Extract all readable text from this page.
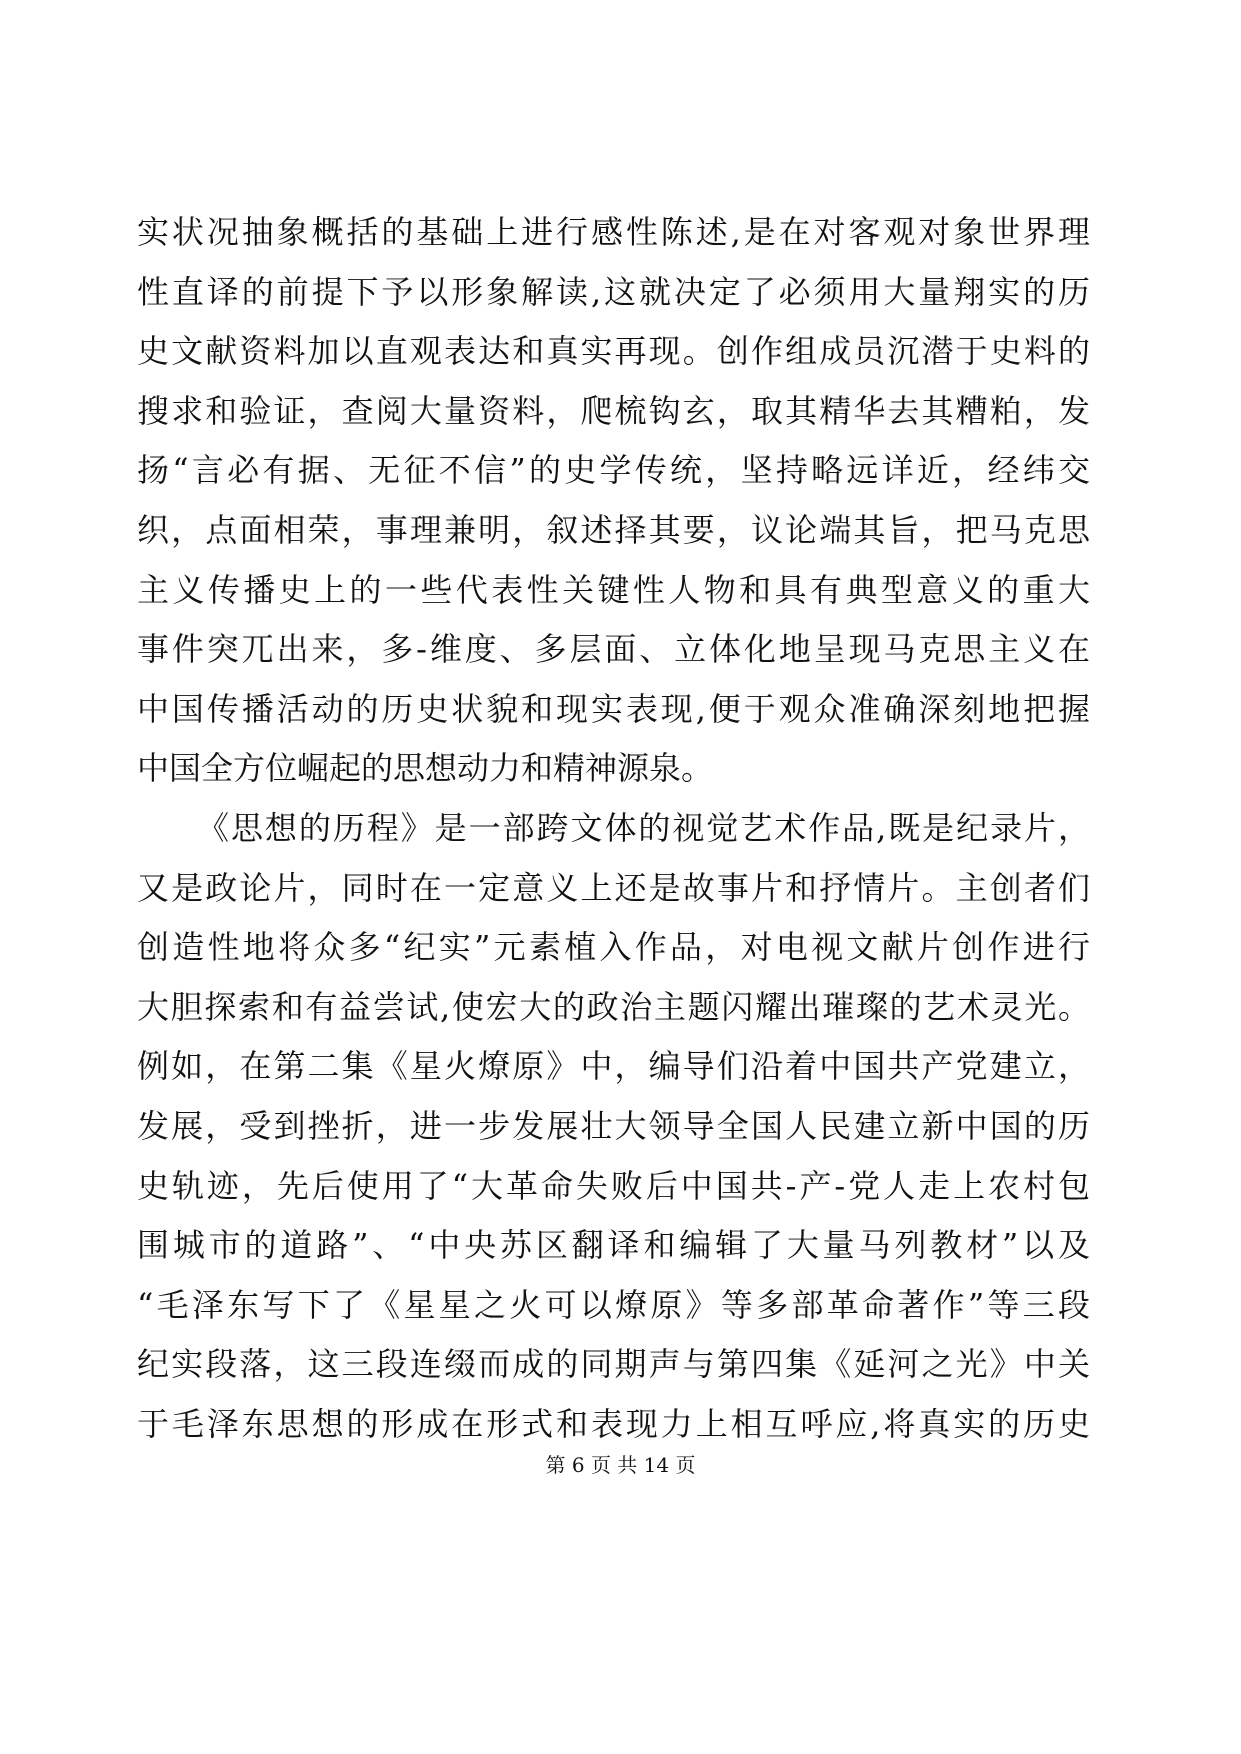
实状况抽象概括的基础上进行感性陈述,是在对客观对象世界理
性直译的前提下予以形象解读,这就决定了必须用大量翔实的历
史文献资料加以直观表达和真实再现。创作组成员沉潜于史料的
搜求和验证，查阅大量资料，爬梳钩玄，取其精华去其糟粕，发
扬“言必有据、无征不信”的史学传统，坚持略远详近，经纬交
织，点面相荣，事理兼明，叙述择其要，议论端其旨，把马克思
主义传播史上的一些代表性关键性人物和具有典型意义的重大
事件突兀出来，多-维度、多层面、立体化地呈现马克思主义在
中国传播活动的历史状貌和现实表现,便于观众准确深刻地把握
中国全方位崛起的思想动力和精神源泉。
《思想的历程》是一部跨文体的视觉艺术作品,既是纪录片，
又是政论片，同时在一定意义上还是故事片和抒情片。主创者们
创造性地将众多“纪实”元素植入作品，对电视文献片创作进行
大胆探索和有益尝试,使宏大的政治主题闪耀出璀璨的艺术灵光。
例如，在第二集《星火燎原》中，编导们沿着中国共产党建立，
发展，受到挫折，进一步发展壮大领导全国人民建立新中国的历
史轨迹，先后使用了“大革命失败后中国共-产-党人走上农村包
围城市的道路”、“中央苏区翻译和编辑了大量马列教材”以及
“毛泽东写下了《星星之火可以燎原》等多部革命著作”等三段
纪实段落，这三段连缀而成的同期声与第四集《延河之光》中关
于毛泽东思想的形成在形式和表现力上相互呼应,将真实的历史
第 6 页 共 14 页
